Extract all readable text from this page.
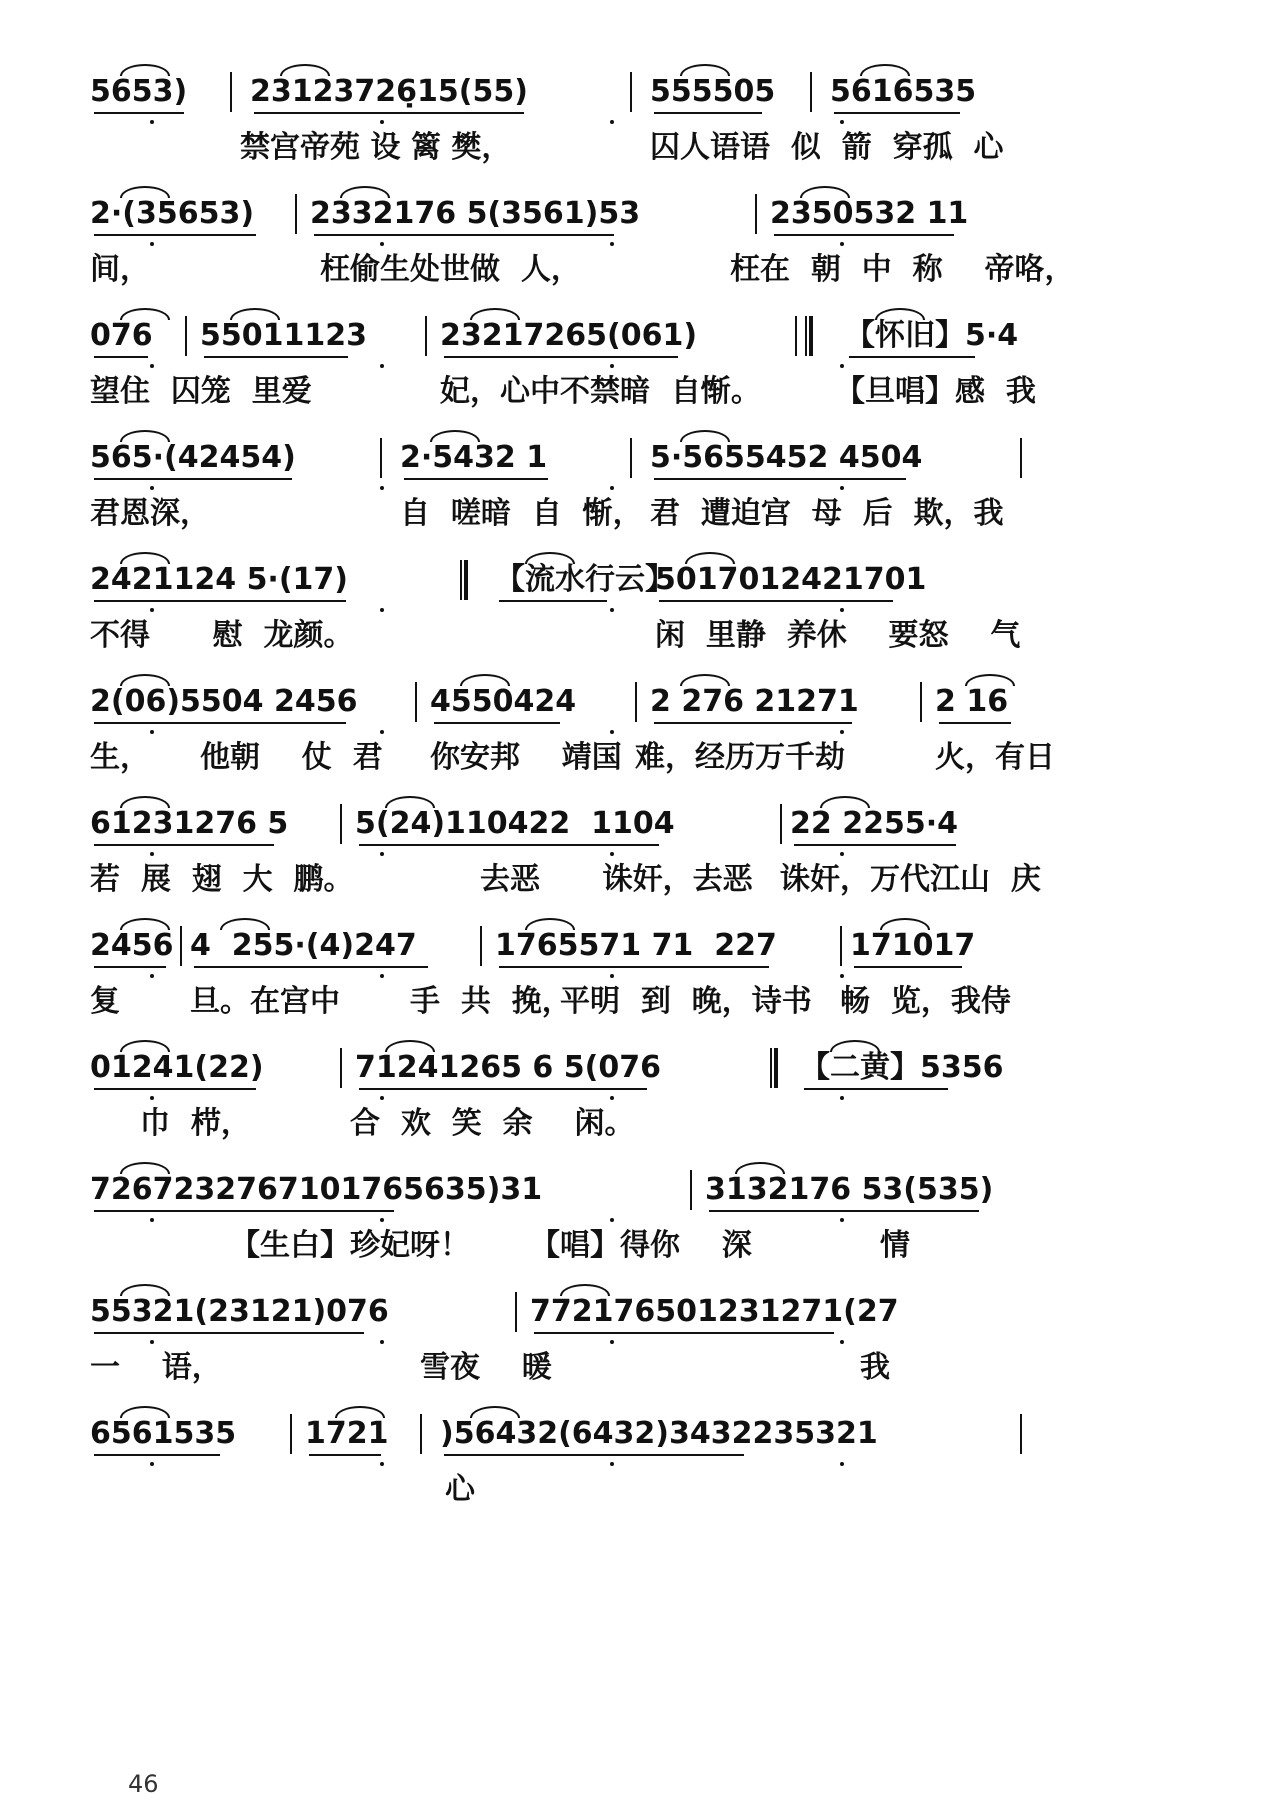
5653) 23123726̣15(55)	555505 5616535
禁宫帝苑 设 篱 樊，	囚人语语  似  箭  穿孤  心
2·(35653) 2332176 5(3561)53	2350532 11
间，	枉偷生处世做  人，	枉在  朝  中  称    帝咯，
076 55011123 23217265(061)	【怀旧】5·4
望住  囚笼  里爱	妃，心中不禁暗  自惭。 【旦唱】感  我
565·(42454)	2·5432 1	5·5655452 4504
君恩深，	自  嗟暗  自  惭， 君  遭迫宫  母  后  欺，我
2421124 5·(17)	【流水行云】
5017012421701
不得      慰  龙颜。	闲  里静  养休    要怒    气
2(06)5504 2456 4550424 2 276 21271	2 16
生， 他朝    仗  君 你安邦    靖国 难，经历万千劫	火，有日
61231276 5 5(24)110422  1104	22 2255·4
若  展  翅  大  鹏。	去恶      诛奸，去恶 诛奸，万代江山  庆
2456 4  255·(4)247	1765571 71  227 171017
复 旦。在宫中 手  共  挽，
平明  到  晚，诗书 畅  览，我侍
01241(22)	71241265 6 5(076	【二黄】5356
巾  栉，	合  欢  笑  余    闲。
7267232767101765635)31	3132176 53(535)
【生白】珍妃呀！ 【唱】得你    深	情
55321(23121)076	772176501231271(27
一    语，	雪夜    暖	我
6561535 1721 )56432(6432)3432235321
心
46
